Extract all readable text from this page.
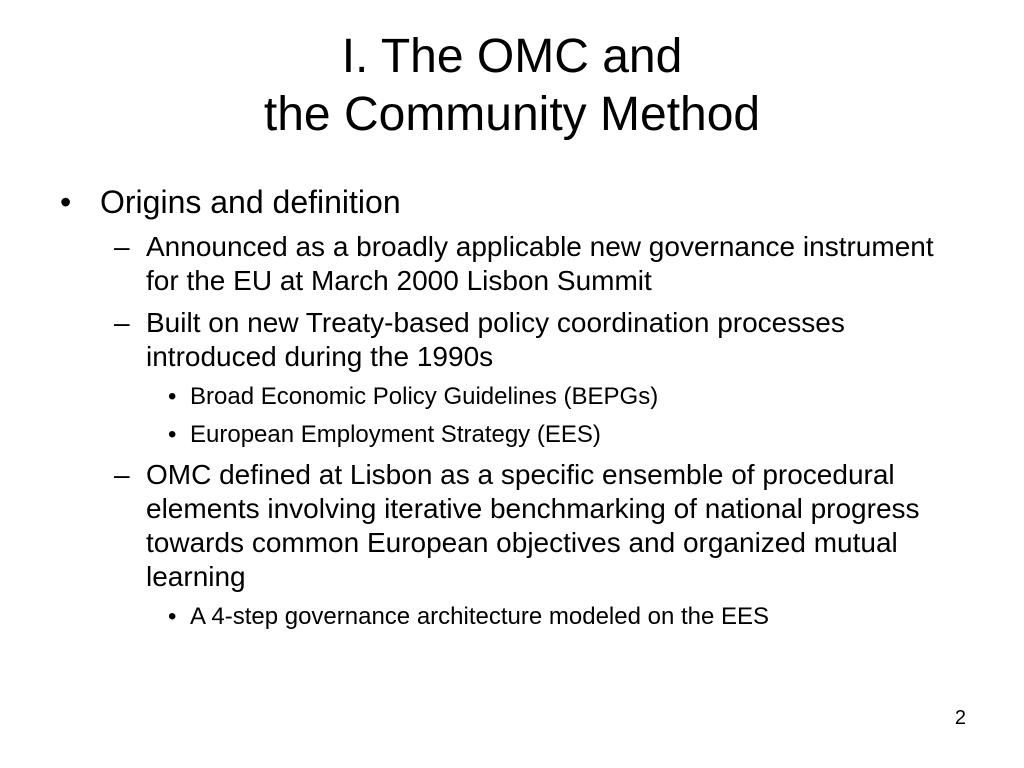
I. The OMC and
the Community Method
• Origins and definition
– Announced as a broadly applicable new governance instrument for the EU at March 2000 Lisbon Summit
– Built on new Treaty-based policy coordination processes introduced during the 1990s
• Broad Economic Policy Guidelines (BEPGs)
• European Employment Strategy (EES)
– OMC defined at Lisbon as a specific ensemble of procedural elements involving iterative benchmarking of national progress towards common European objectives and organized mutual learning
• A 4-step governance architecture modeled on the EES
2
